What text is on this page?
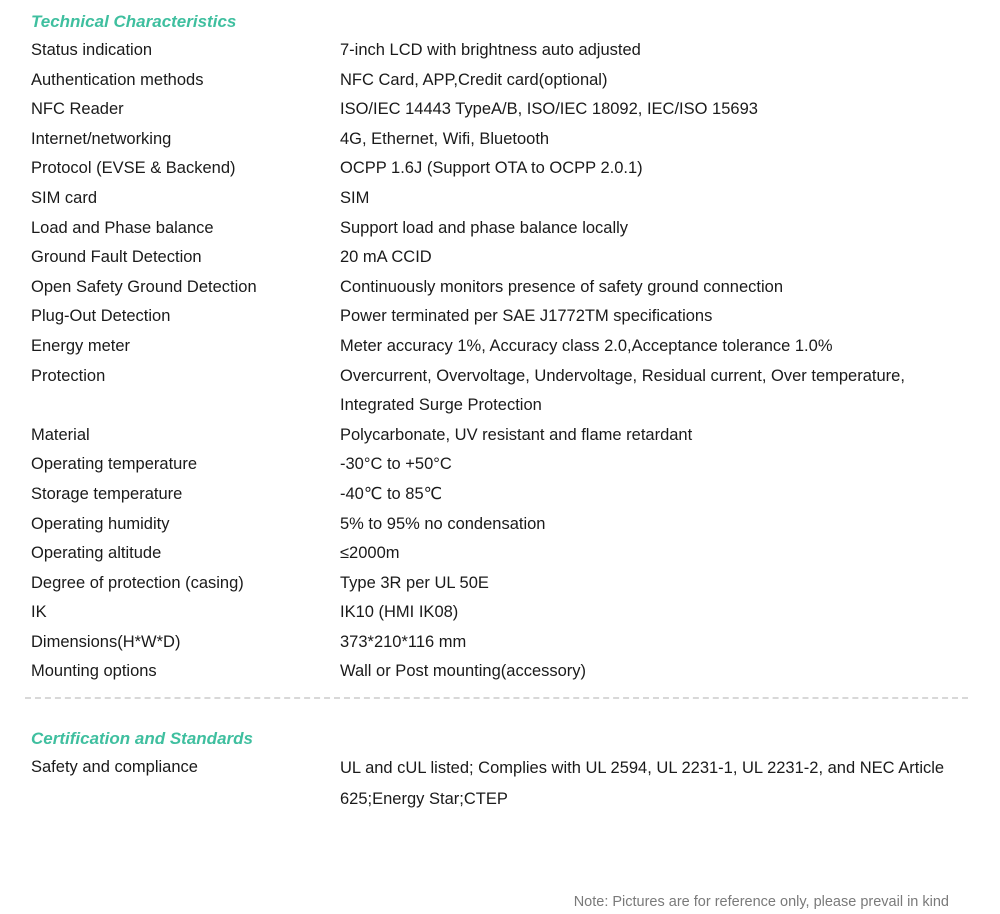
Technical Characteristics
Status indication	7-inch LCD with brightness auto adjusted
Authentication methods	NFC Card, APP,Credit card(optional)
NFC Reader	ISO/IEC 14443 TypeA/B, ISO/IEC 18092, IEC/ISO 15693
Internet/networking	4G, Ethernet, Wifi, Bluetooth
Protocol (EVSE & Backend)	OCPP 1.6J (Support OTA to OCPP 2.0.1)
SIM card	SIM
Load and Phase balance	Support load and phase balance locally
Ground Fault Detection	20 mA CCID
Open Safety Ground Detection	Continuously monitors presence of safety ground connection
Plug-Out Detection	Power terminated per SAE J1772TM specifications
Energy meter	Meter accuracy 1%, Accuracy class 2.0,Acceptance tolerance 1.0%
Protection	Overcurrent, Overvoltage, Undervoltage, Residual current, Over temperature, Integrated Surge Protection
Material	Polycarbonate, UV resistant and flame retardant
Operating temperature	-30°C to +50°C
Storage temperature	-40℃ to 85℃
Operating humidity	5% to 95% no condensation
Operating altitude	≤2000m
Degree of protection (casing)	Type 3R per UL 50E
IK	IK10 (HMI IK08)
Dimensions(H*W*D)	373*210*116 mm
Mounting options	Wall or Post mounting(accessory)
Certification and Standards
Safety and compliance	UL and cUL listed; Complies with UL 2594, UL 2231-1, UL 2231-2, and NEC Article 625;Energy Star;CTEP
Note: Pictures are for reference only, please prevail in kind
